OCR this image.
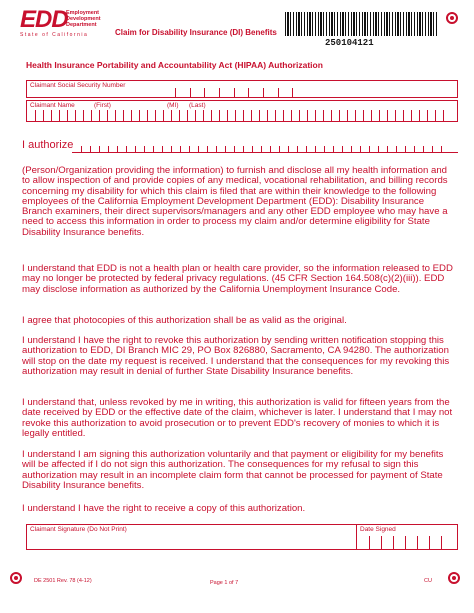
EDD
Employment
Development
Department
State of California	Claim for Disability Insurance (DI) Benefits
250104121
Health Insurance Portability and Accountability Act (HIPAA) Authorization
Claimant Social Security Number
Claimant Name	(First)	(MI) (Last)
I authorize
(Person/Organization providing the information) to furnish and disclose all my health information and to allow inspection of and provide copies of any medical, vocational rehabilitation, and billing records concerning my disability for which this claim is filed that are within their knowledge to the following employees of the California Employment Development Department (EDD): Disability Insurance Branch examiners, their direct supervisors/managers and any other EDD employee who may have a need to access this information in order to process my claim and/or determine eligibility for State Disability Insurance benefits.
I understand that EDD is not a health plan or health care provider, so the information released to EDD may no longer be protected by federal privacy regulations. (45 CFR Section 164.508(c)(2)(iii)). EDD may disclose information as authorized by the California Unemployment Insurance Code.
I agree that photocopies of this authorization shall be as valid as the original.
I understand I have the right to revoke this authorization by sending written notification stopping this authorization to EDD, DI Branch MIC 29, PO Box 826880, Sacramento, CA 94280. The authorization will stop on the date my request is received. I understand that the consequences for my revoking this authorization may result in denial of further State Disability Insurance benefits.
I understand that, unless revoked by me in writing, this authorization is valid for fifteen years from the date received by EDD or the effective date of the claim, whichever is later. I understand that I may not revoke this authorization to avoid prosecution or to prevent EDD's recovery of monies to which it is legally entitled.
I understand I am signing this authorization voluntarily and that payment or eligibility for my benefits will be affected if I do not sign this authorization. The consequences for my refusal to sign this authorization may result in an incomplete claim form that cannot be processed for payment of State Disability Insurance benefits.
I understand I have the right to receive a copy of this authorization.
Claimant Signature (Do Not Print)	Date Signed
DE 2501 Rev. 78 (4-12)	Page 1 of 7	CU
